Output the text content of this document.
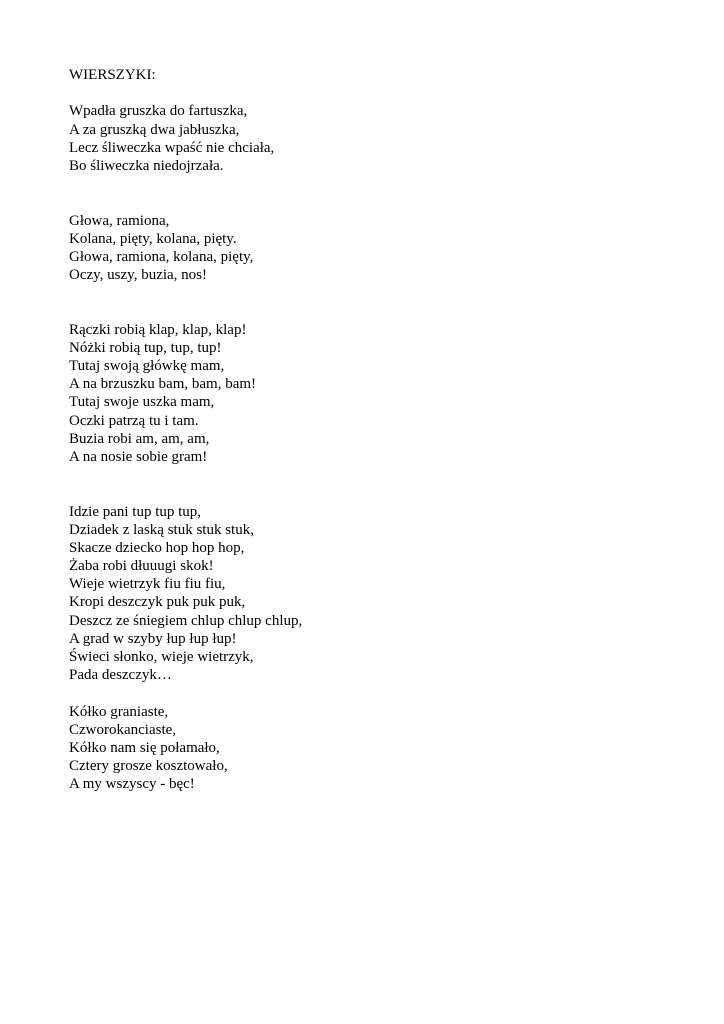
WIERSZYKI:
Wpadła gruszka do fartuszka,
A za gruszką dwa jabłuszka,
Lecz śliweczka wpaść nie chciała,
Bo śliweczka niedojrzała.
Głowa, ramiona,
Kolana, pięty, kolana, pięty.
Głowa, ramiona, kolana, pięty,
Oczy, uszy, buzia, nos!
Rączki robią klap, klap, klap!
Nóżki robią tup, tup, tup!
Tutaj swoją główkę mam,
A na brzuszku bam, bam, bam!
Tutaj swoje uszka mam,
Oczki patrzą tu i tam.
Buzia robi am, am, am,
A na nosie sobie gram!
Idzie pani tup tup tup,
Dziadek z laską stuk stuk stuk,
Skacze dziecko hop hop hop,
Żaba robi dłuuugi skok!
Wieje wietrzyk fiu fiu fiu,
Kropi deszczyk puk puk puk,
Deszcz ze śniegiem chlup chlup chlup,
A grad w szyby łup łup łup!
Świeci słonko, wieje wietrzyk,
Pada deszczyk…
Kółko graniaste,
Czworokanciaste,
Kółko nam się połamało,
Cztery grosze kosztowało,
A my wszyscy - bęc!
